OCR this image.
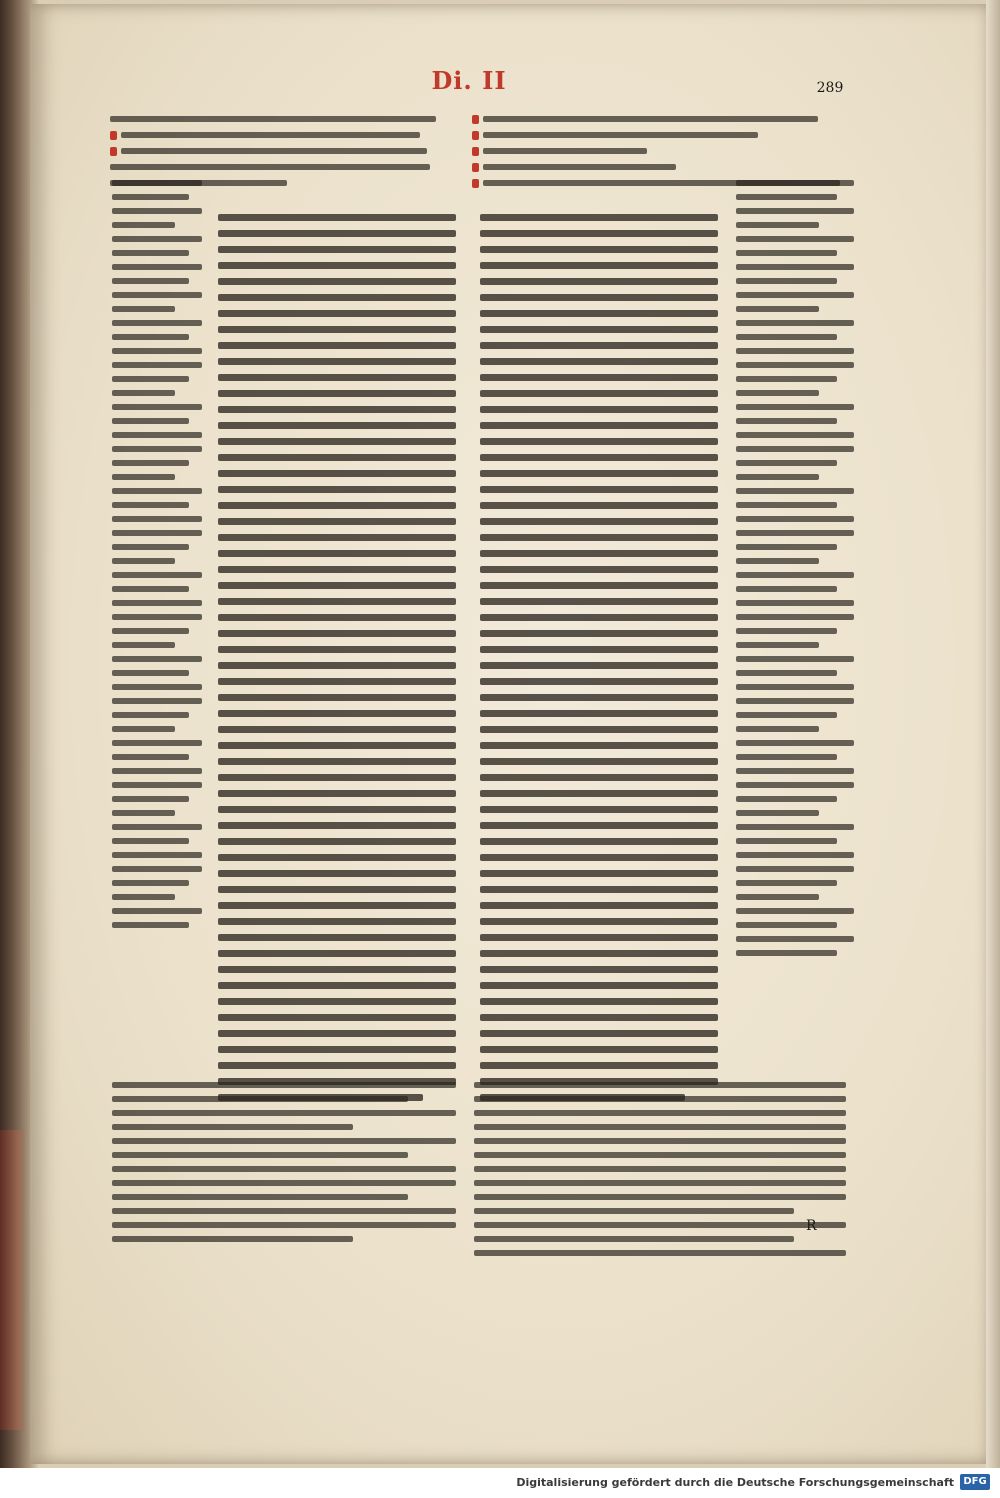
Di. II	289
R
Digitalisierung gefördert durch die Deutsche Forschungsgemeinschaft DFG
